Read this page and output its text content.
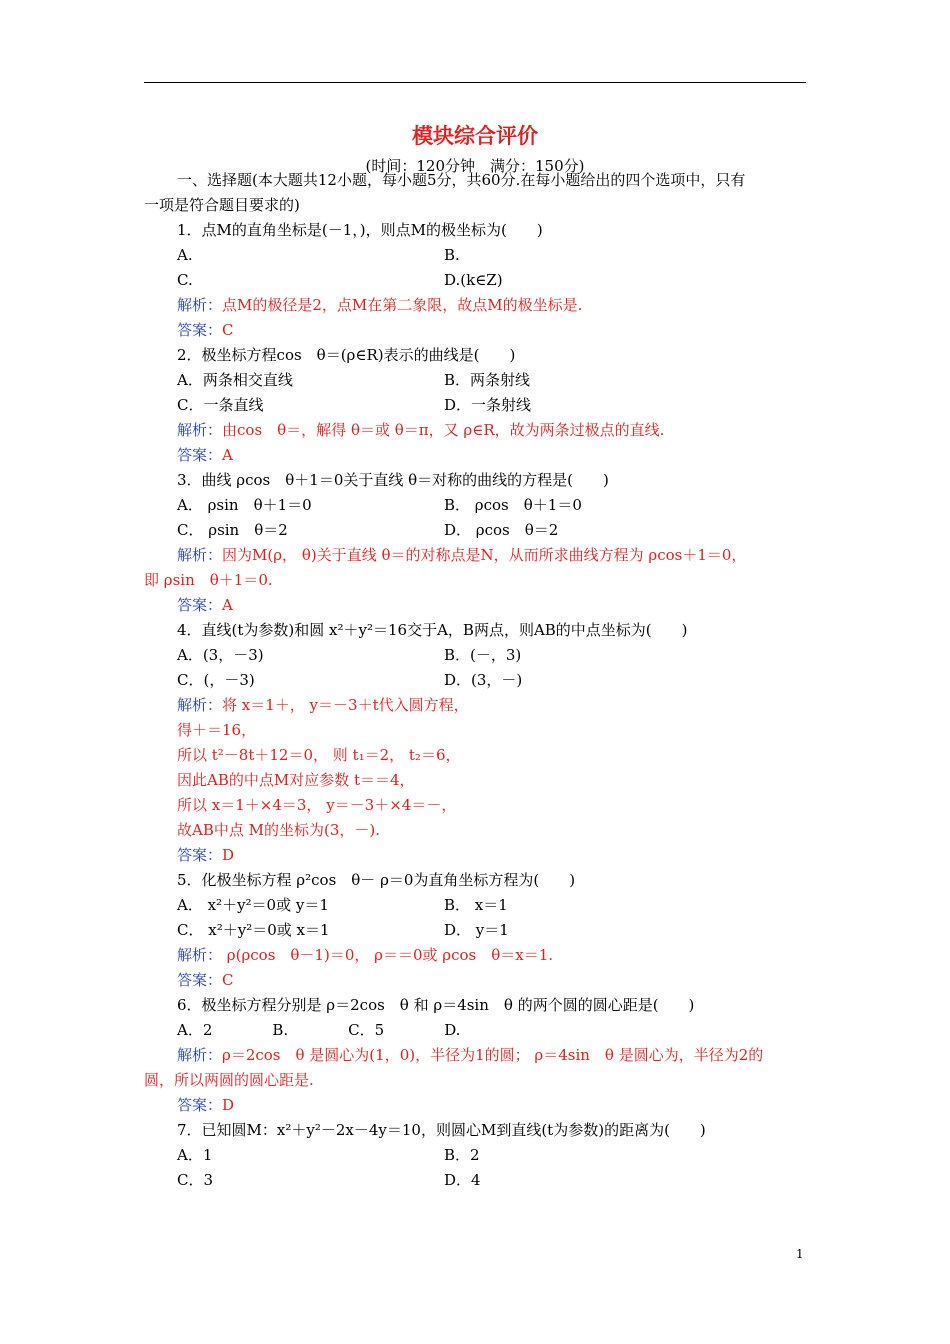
模块综合评价
(时间：120分钟　满分：150分)
一、选择题(本大题共12小题，每小题5分，共60分.在每小题给出的四个选项中，只有
一项是符合题目要求的)
1．点M的直角坐标是(－1，)，则点M的极坐标为(　　)
A.	B.
C.	D.(k∈Z)
解析：点M的极径是2，点M在第二象限，故点M的极坐标是.
答案：C
2．极坐标方程cos　θ＝(ρ∈R)表示的曲线是(　　)
A．两条相交直线	B．两条射线
C．一条直线	D．一条射线
解析：由cos　θ＝，解得 θ＝或 θ＝π，又 ρ∈R，故为两条过极点的直线.
答案：A
3．曲线 ρcos　θ＋1＝0关于直线 θ＝对称的曲线的方程是(　　)
A． ρsin　θ＋1＝0	B． ρcos　θ＋1＝0
C． ρsin　θ＝2	D． ρcos　θ＝2
解析：因为M(ρ， θ)关于直线 θ＝的对称点是N，从而所求曲线方程为 ρcos＋1＝0，
即 ρsin　θ＋1＝0.
答案：A
4．直线(t为参数)和圆 x²＋y²＝16交于A，B两点，则AB的中点坐标为(　　)
A．(3，－3)	B．(－，3)
C．(，－3)	D．(3，－)
解析：将 x＝1＋， y＝－3＋t代入圆方程，
得＋＝16，
所以 t²－8t＋12＝0， 则 t₁＝2， t₂＝6，
因此AB的中点M对应参数 t＝＝4，
所以 x＝1＋×4＝3， y＝－3＋×4＝－，
故AB中点 M的坐标为(3，－).
答案：D
5．化极坐标方程 ρ²cos　θ－ ρ＝0为直角坐标方程为(　　)
A． x²＋y²＝0或 y＝1	B． x＝1
C． x²＋y²＝0或 x＝1	D． y＝1
解析： ρ(ρcos　θ－1)＝0， ρ＝＝0或 ρcos　θ＝x＝1.
答案：C
6．极坐标方程分别是 ρ＝2cos　θ 和 ρ＝4sin　θ 的两个圆的圆心距是(　　)
A．2　　　　B.　　　　C．5　　　　D.
解析：ρ＝2cos　θ 是圆心为(1，0)，半径为1的圆； ρ＝4sin　θ 是圆心为，半径为2的
圆，所以两圆的圆心距是.
答案：D
7．已知圆M：x²＋y²－2x－4y＝10，则圆心M到直线(t为参数)的距离为(　　)
A．1	B．2
C．3	D．4
1
